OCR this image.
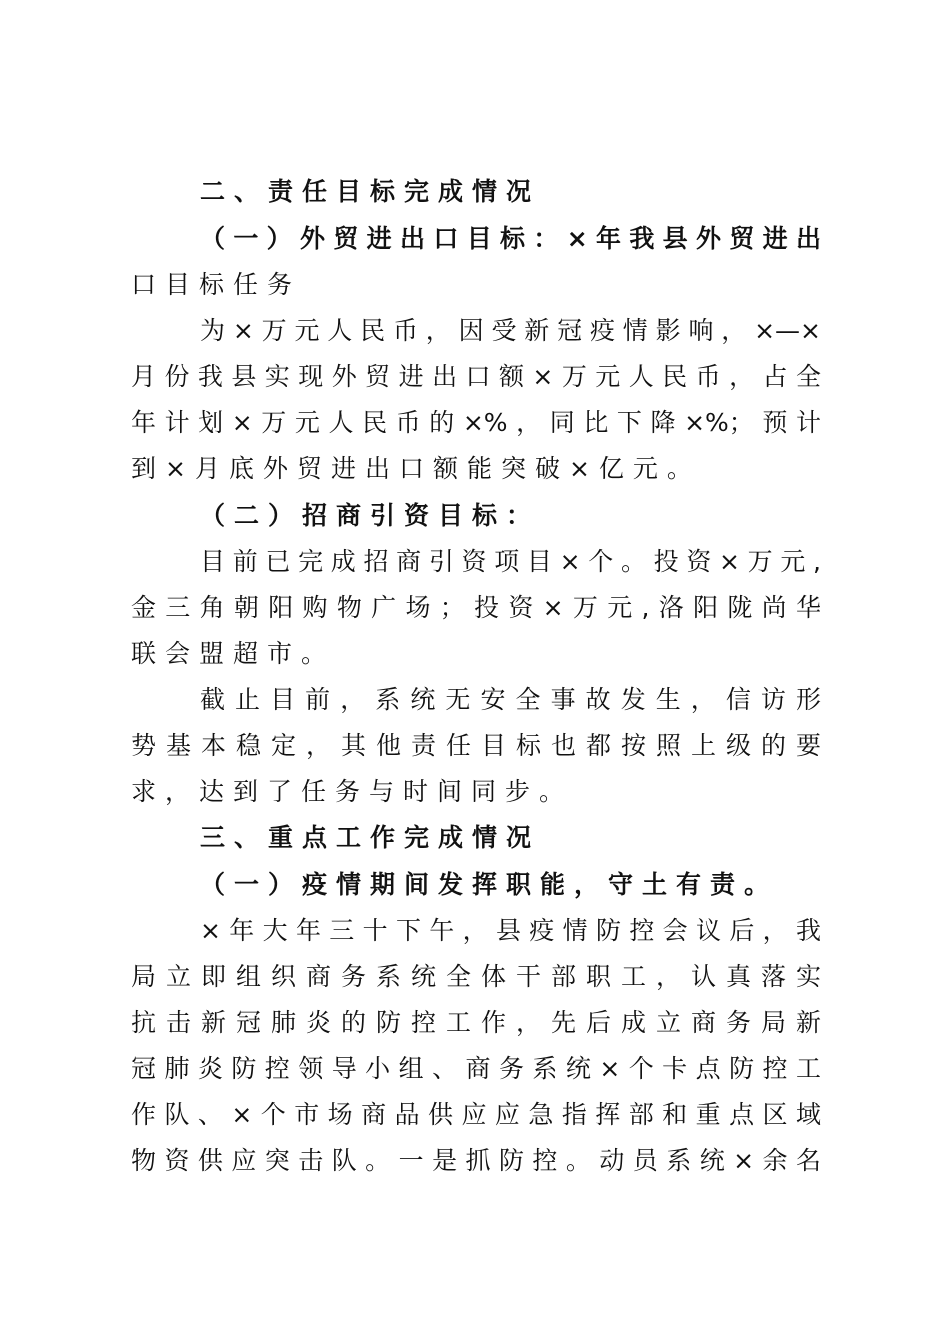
二、责任目标完成情况
（一）外贸进出口目标：×年我县外贸进出
口目标任务
为×万元人民币，因受新冠疫情影响，×—×
月份我县实现外贸进出口额×万元人民币，占全
年计划×万元人民币的×%，同比下降×%；预计
到×月底外贸进出口额能突破×亿元。
（二）招商引资目标：
目前已完成招商引资项目×个。投资×万元,
金三角朝阳购物广场；投资×万元,洛阳陇尚华
联会盟超市。
截止目前，系统无安全事故发生，信访形
势基本稳定，其他责任目标也都按照上级的要
求，达到了任务与时间同步。
三、重点工作完成情况
（一）疫情期间发挥职能，守土有责。
×年大年三十下午，县疫情防控会议后，我
局立即组织商务系统全体干部职工，认真落实
抗击新冠肺炎的防控工作，先后成立商务局新
冠肺炎防控领导小组、商务系统×个卡点防控工
作队、×个市场商品供应应急指挥部和重点区域
物资供应突击队。一是抓防控。动员系统×余名
